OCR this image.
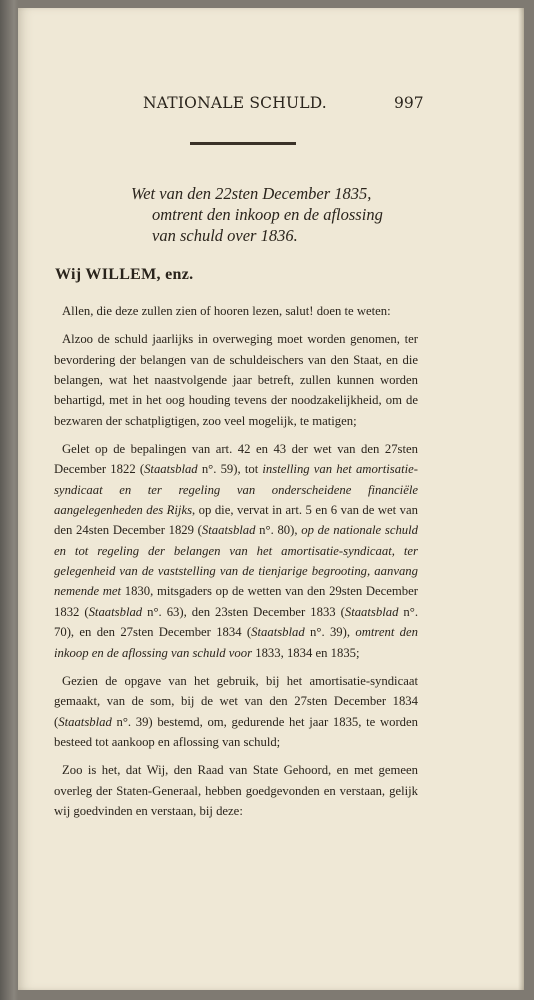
NATIONALE SCHULD.	997
Wet van den 22sten December 1835,
omtrent den inkoop en de aflossing
van schuld over 1836.
Wij WILLEM, enz.

Allen, die deze zullen zien of hooren lezen, salut! doen te weten:

Alzoo de schuld jaarlijks in overweging moet worden genomen, ter bevordering der belangen van de schuldeischers van den Staat, en die belangen, wat het naastvolgende jaar betreft, zullen kunnen worden behartigd, met in het oog houding tevens der noodzakelijkheid, om de bezwaren der schatpligtigen, zoo veel mogelijk, te matigen;

Gelet op de bepalingen van art. 42 en 43 der wet van den 27sten December 1822 (Staatsblad n°. 59), tot instelling van het amortisatie-syndicaat en ter regeling van onderscheidene financiële aangelegenheden des Rijks, op die, vervat in art. 5 en 6 van de wet van den 24sten December 1829 (Staatsblad n°. 80), op de nationale schuld en tot regeling der belangen van het amortisatie-syndicaat, ter gelegenheid van de vaststelling van de tienjarige begrooting, aanvang nemende met 1830, mitsgaders op de wetten van den 29sten December 1832 (Staatsblad n°. 63), den 23sten December 1833 (Staatsblad n°. 70), en den 27sten December 1834 (Staatsblad n°. 39), omtrent den inkoop en de aflossing van schuld voor 1833, 1834 en 1835;

Gezien de opgave van het gebruik, bij het amortisatie-syndicaat gemaakt, van de som, bij de wet van den 27sten December 1834 (Staatsblad n°. 39) bestemd, om, gedurende het jaar 1835, te worden besteed tot aankoop en aflossing van schuld;

Zoo is het, dat Wij, den Raad van State Gehoord, en met gemeen overleg der Staten-Generaal, hebben goedgevonden en verstaan, gelijk wij goedvinden en verstaan, bij deze:
